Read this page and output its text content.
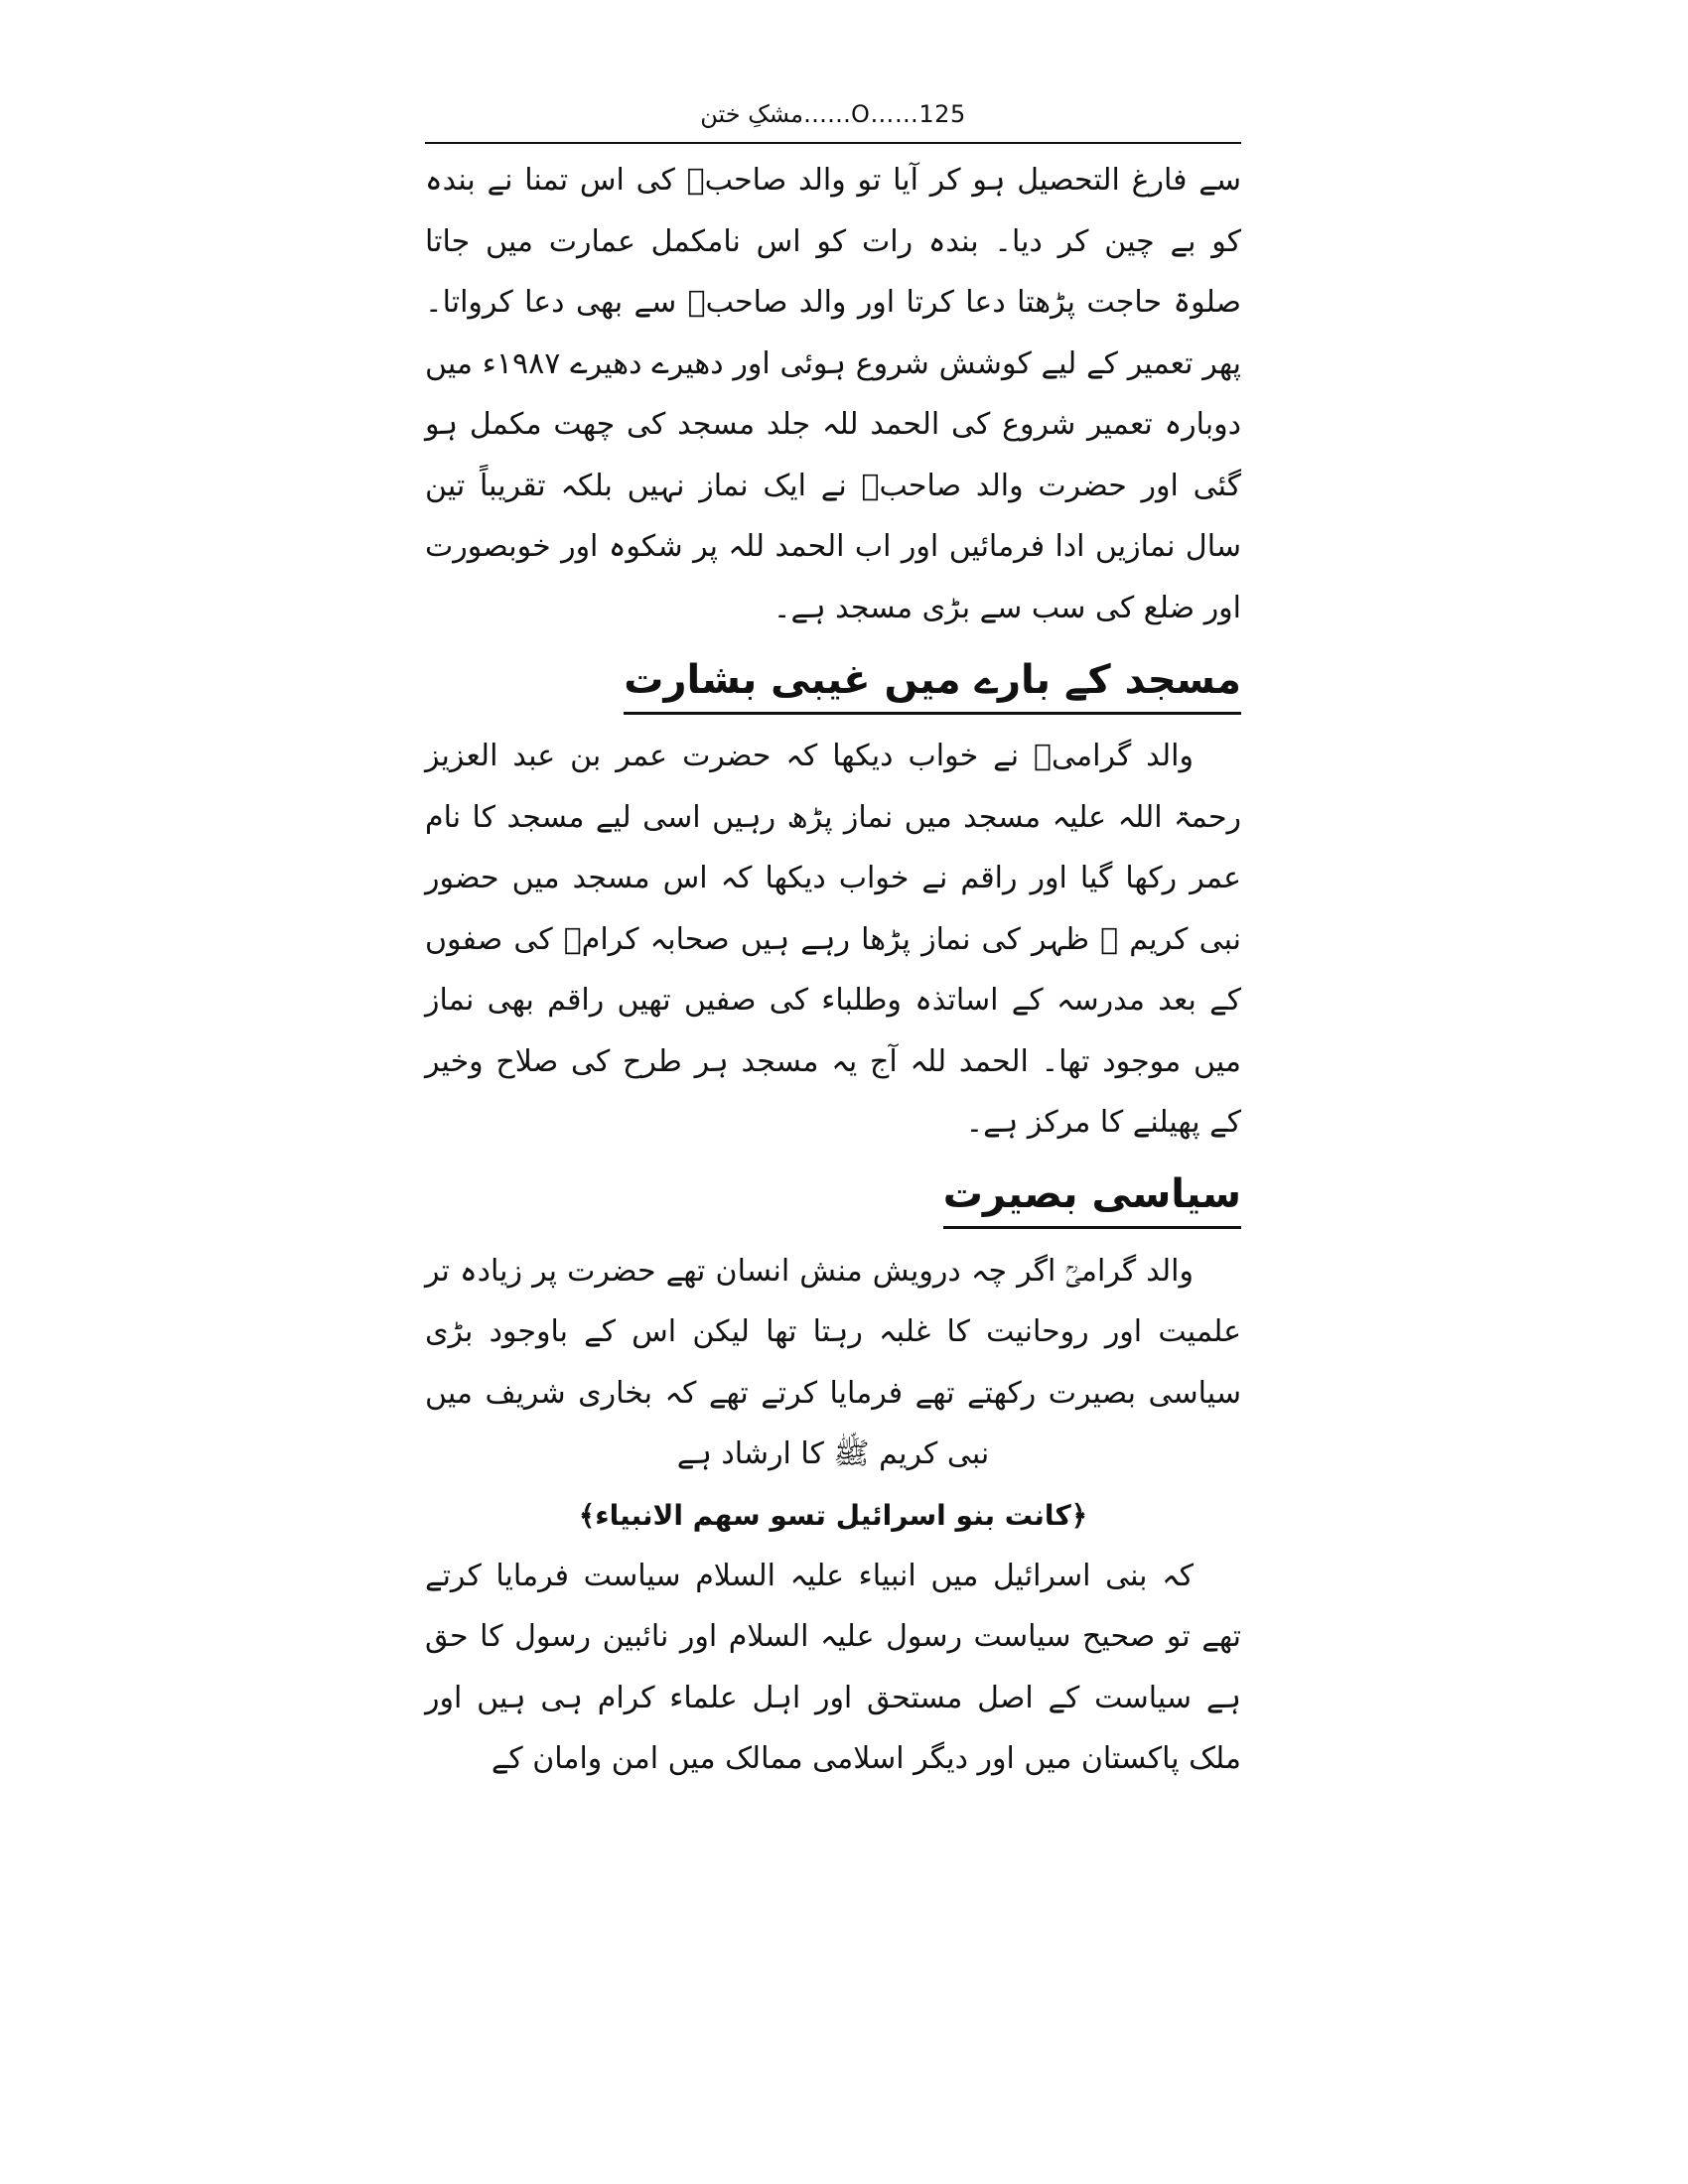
مشکِ ختن……O……125

سے فارغ التحصیل ہو کر آیا تو والد صاحبؒ کی اس تمنا نے بندہ کو بے چین کر دیا۔ بندہ رات کو اس نامکمل عمارت میں جاتا صلوۃ حاجت پڑھتا دعا کرتا اور والد صاحبؒ سے بھی دعا کرواتا۔ پھر تعمیر کے لیے کوشش شروع ہوئی اور دھیرے دھیرے ۱۹۸۷ء میں دوبارہ تعمیر شروع کی الحمد للہ جلد مسجد کی چھت مکمل ہو گئی اور حضرت والد صاحبؒ نے ایک نماز نہیں بلکہ تقریباً تین سال نمازیں ادا فرمائیں اور اب الحمد للہ پر شکوہ اور خوبصورت اور ضلع کی سب سے بڑی مسجد ہے۔

مسجد کے بارے میں غیبی بشارت

والد گرامیؒ نے خواب دیکھا کہ حضرت عمر بن عبد العزیز رحمۃ اللہ علیہ مسجد میں نماز پڑھ رہیں اسی لیے مسجد کا نام عمر رکھا گیا اور راقم نے خواب دیکھا کہ اس مسجد میں حضور نبی کریم ﷺ ظہر کی نماز پڑھا رہے ہیں صحابہ کرامؓ کی صفوں کے بعد مدرسہ کے اساتذہ وطلباء کی صفیں تھیں راقم بھی نماز میں موجود تھا۔ الحمد للہ آج یہ مسجد ہر طرح کی صلاح وخیر کے پھیلنے کا مرکز ہے۔

سیاسی بصیرت

والد گرامیؒ اگر چہ درویش منش انسان تھے حضرت پر زیادہ تر علمیت اور روحانیت کا غلبہ رہتا تھا لیکن اس کے باوجود بڑی سیاسی بصیرت رکھتے تھے فرمایا کرتے تھے کہ بخاری شریف میں نبی کریم ﷺ کا ارشاد ہے

﴿كانت بنو اسرائيل تسو سهم الانبياء﴾

کہ بنی اسرائیل میں انبیاء علیہ السلام سیاست فرمایا کرتے تھے تو صحیح سیاست رسول علیہ السلام اور نائبین رسول کا حق ہے سیاست کے اصل مستحق اور اہل علماء کرام ہی ہیں اور ملک پاکستان میں اور دیگر اسلامی ممالک میں امن وامان کے
